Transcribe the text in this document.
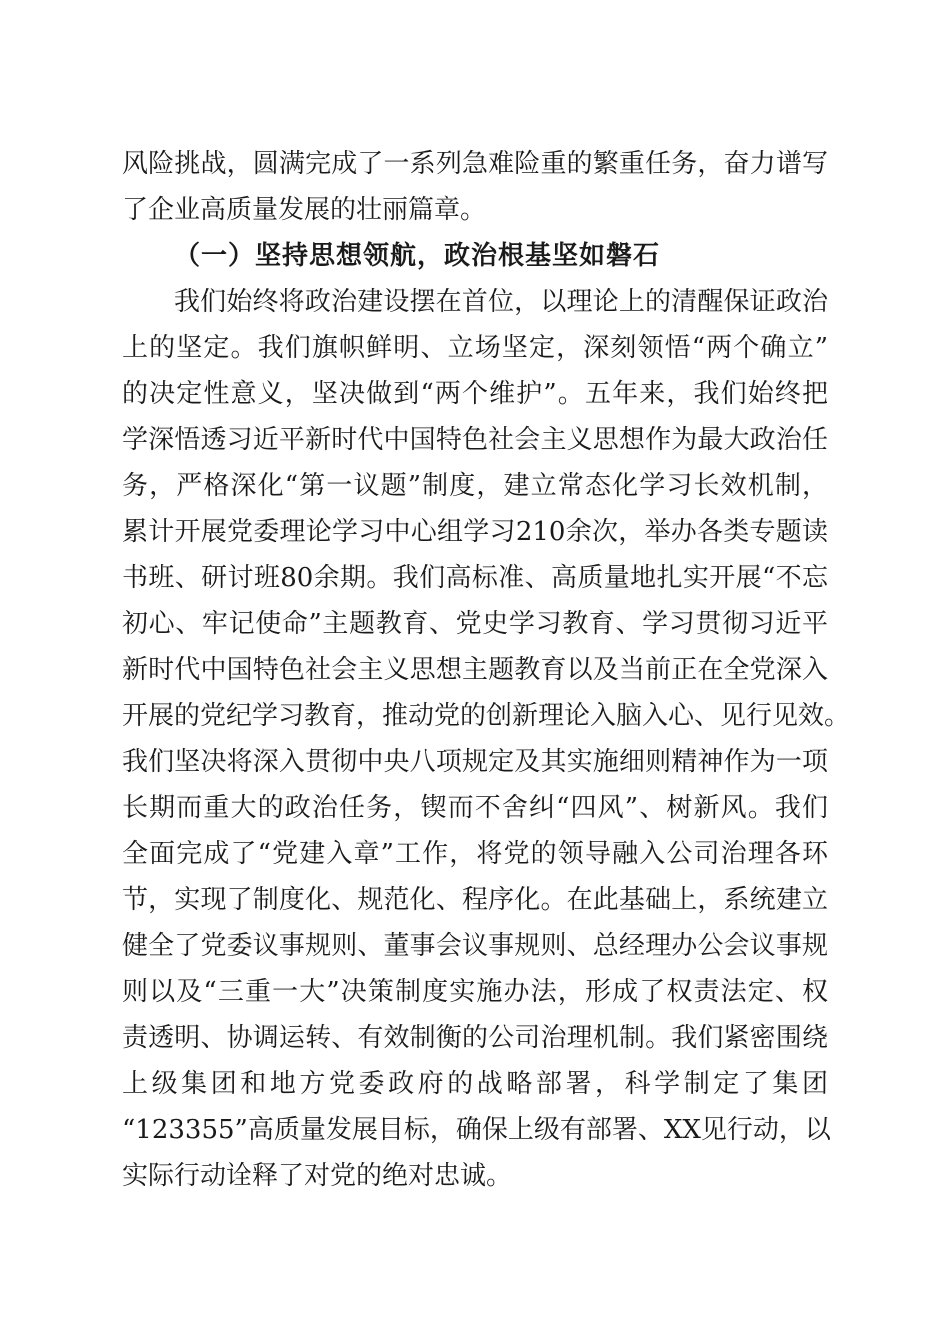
风险挑战，圆满完成了一系列急难险重的繁重任务，奋力谱写
了企业高质量发展的壮丽篇章。
（一）坚持思想领航，政治根基坚如磐石
我们始终将政治建设摆在首位，以理论上的清醒保证政治
上的坚定。我们旗帜鲜明、立场坚定，深刻领悟“两个确立”
的决定性意义，坚决做到“两个维护”。五年来，我们始终把
学深悟透习近平新时代中国特色社会主义思想作为最大政治任
务，严格深化“第一议题”制度，建立常态化学习长效机制，
累计开展党委理论学习中心组学习210余次，举办各类专题读
书班、研讨班80余期。我们高标准、高质量地扎实开展“不忘
初心、牢记使命”主题教育、党史学习教育、学习贯彻习近平
新时代中国特色社会主义思想主题教育以及当前正在全党深入
开展的党纪学习教育，推动党的创新理论入脑入心、见行见效。
我们坚决将深入贯彻中央八项规定及其实施细则精神作为一项
长期而重大的政治任务，锲而不舍纠“四风”、树新风。我们
全面完成了“党建入章”工作，将党的领导融入公司治理各环
节，实现了制度化、规范化、程序化。在此基础上，系统建立
健全了党委议事规则、董事会议事规则、总经理办公会议事规
则以及“三重一大”决策制度实施办法，形成了权责法定、权
责透明、协调运转、有效制衡的公司治理机制。我们紧密围绕
上级集团和地方党委政府的战略部署，科学制定了集团
“123355”高质量发展目标，确保上级有部署、XX见行动，以
实际行动诠释了对党的绝对忠诚。
